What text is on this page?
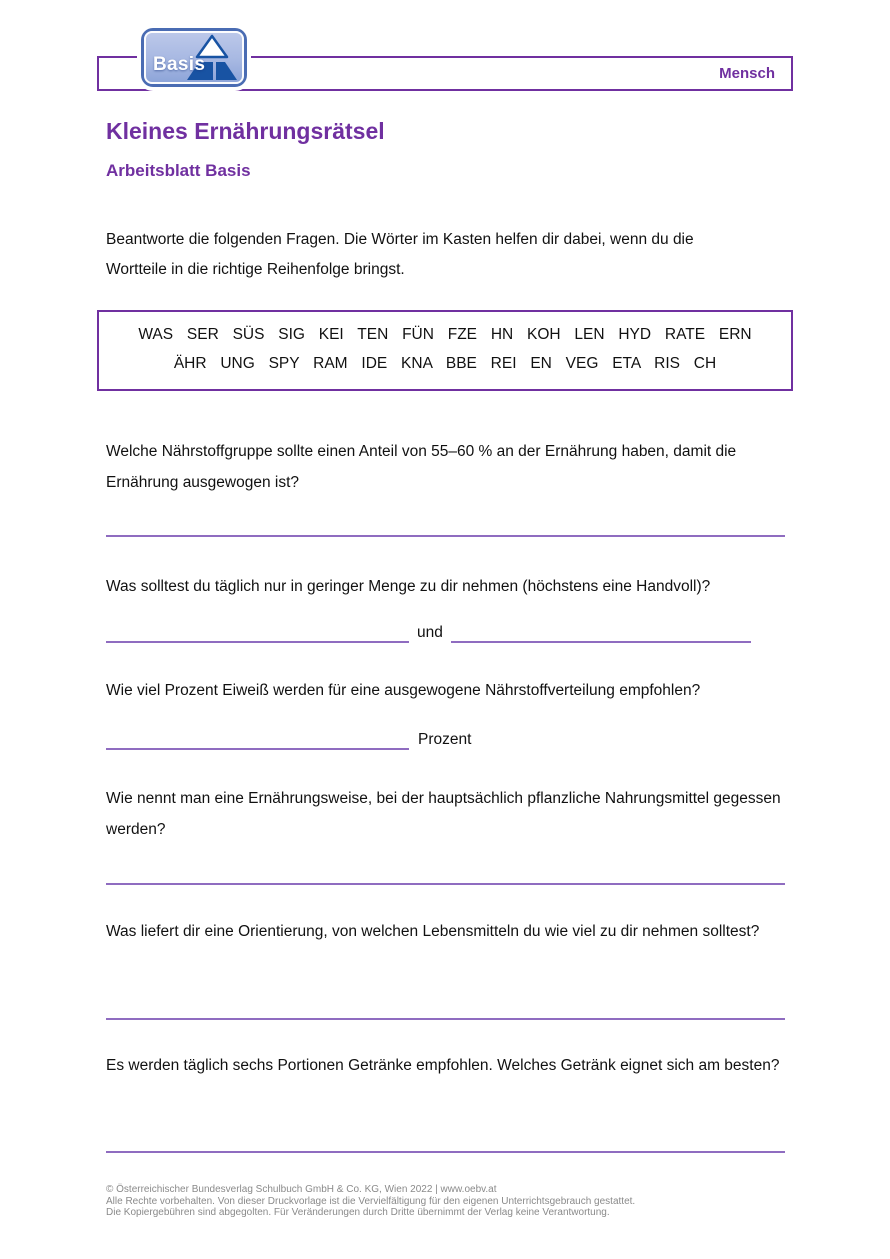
Mensch
Basis
Kleines Ernährungsrätsel
Arbeitsblatt Basis

Beantworte die folgenden Fragen. Die Wörter im Kasten helfen dir dabei, wenn du die Wortteile in die richtige Reihenfolge bringst.

WAS SER SÜS SIG KEI TEN FÜN FZE HN KOH LEN HYD RATE ERN
ÄHR UNG SPY RAM IDE KNA BBE REI EN VEG ETA RIS CH

Welche Nährstoffgruppe sollte einen Anteil von 55–60 % an der Ernährung haben, damit die Ernährung ausgewogen ist?

Was solltest du täglich nur in geringer Menge zu dir nehmen (höchstens eine Handvoll)?

und

Wie viel Prozent Eiweiß werden für eine ausgewogene Nährstoffverteilung empfohlen?

Prozent

Wie nennt man eine Ernährungsweise, bei der hauptsächlich pflanzliche Nahrungsmittel gegessen werden?

Was liefert dir eine Orientierung, von welchen Lebensmitteln du wie viel zu dir nehmen solltest?

Es werden täglich sechs Portionen Getränke empfohlen. Welches Getränk eignet sich am besten?

© Österreichischer Bundesverlag Schulbuch GmbH & Co. KG, Wien 2022 | www.oebv.at
Alle Rechte vorbehalten. Von dieser Druckvorlage ist die Vervielfältigung für den eigenen Unterrichtsgebrauch gestattet.
Die Kopiergebühren sind abgegolten. Für Veränderungen durch Dritte übernimmt der Verlag keine Verantwortung.
